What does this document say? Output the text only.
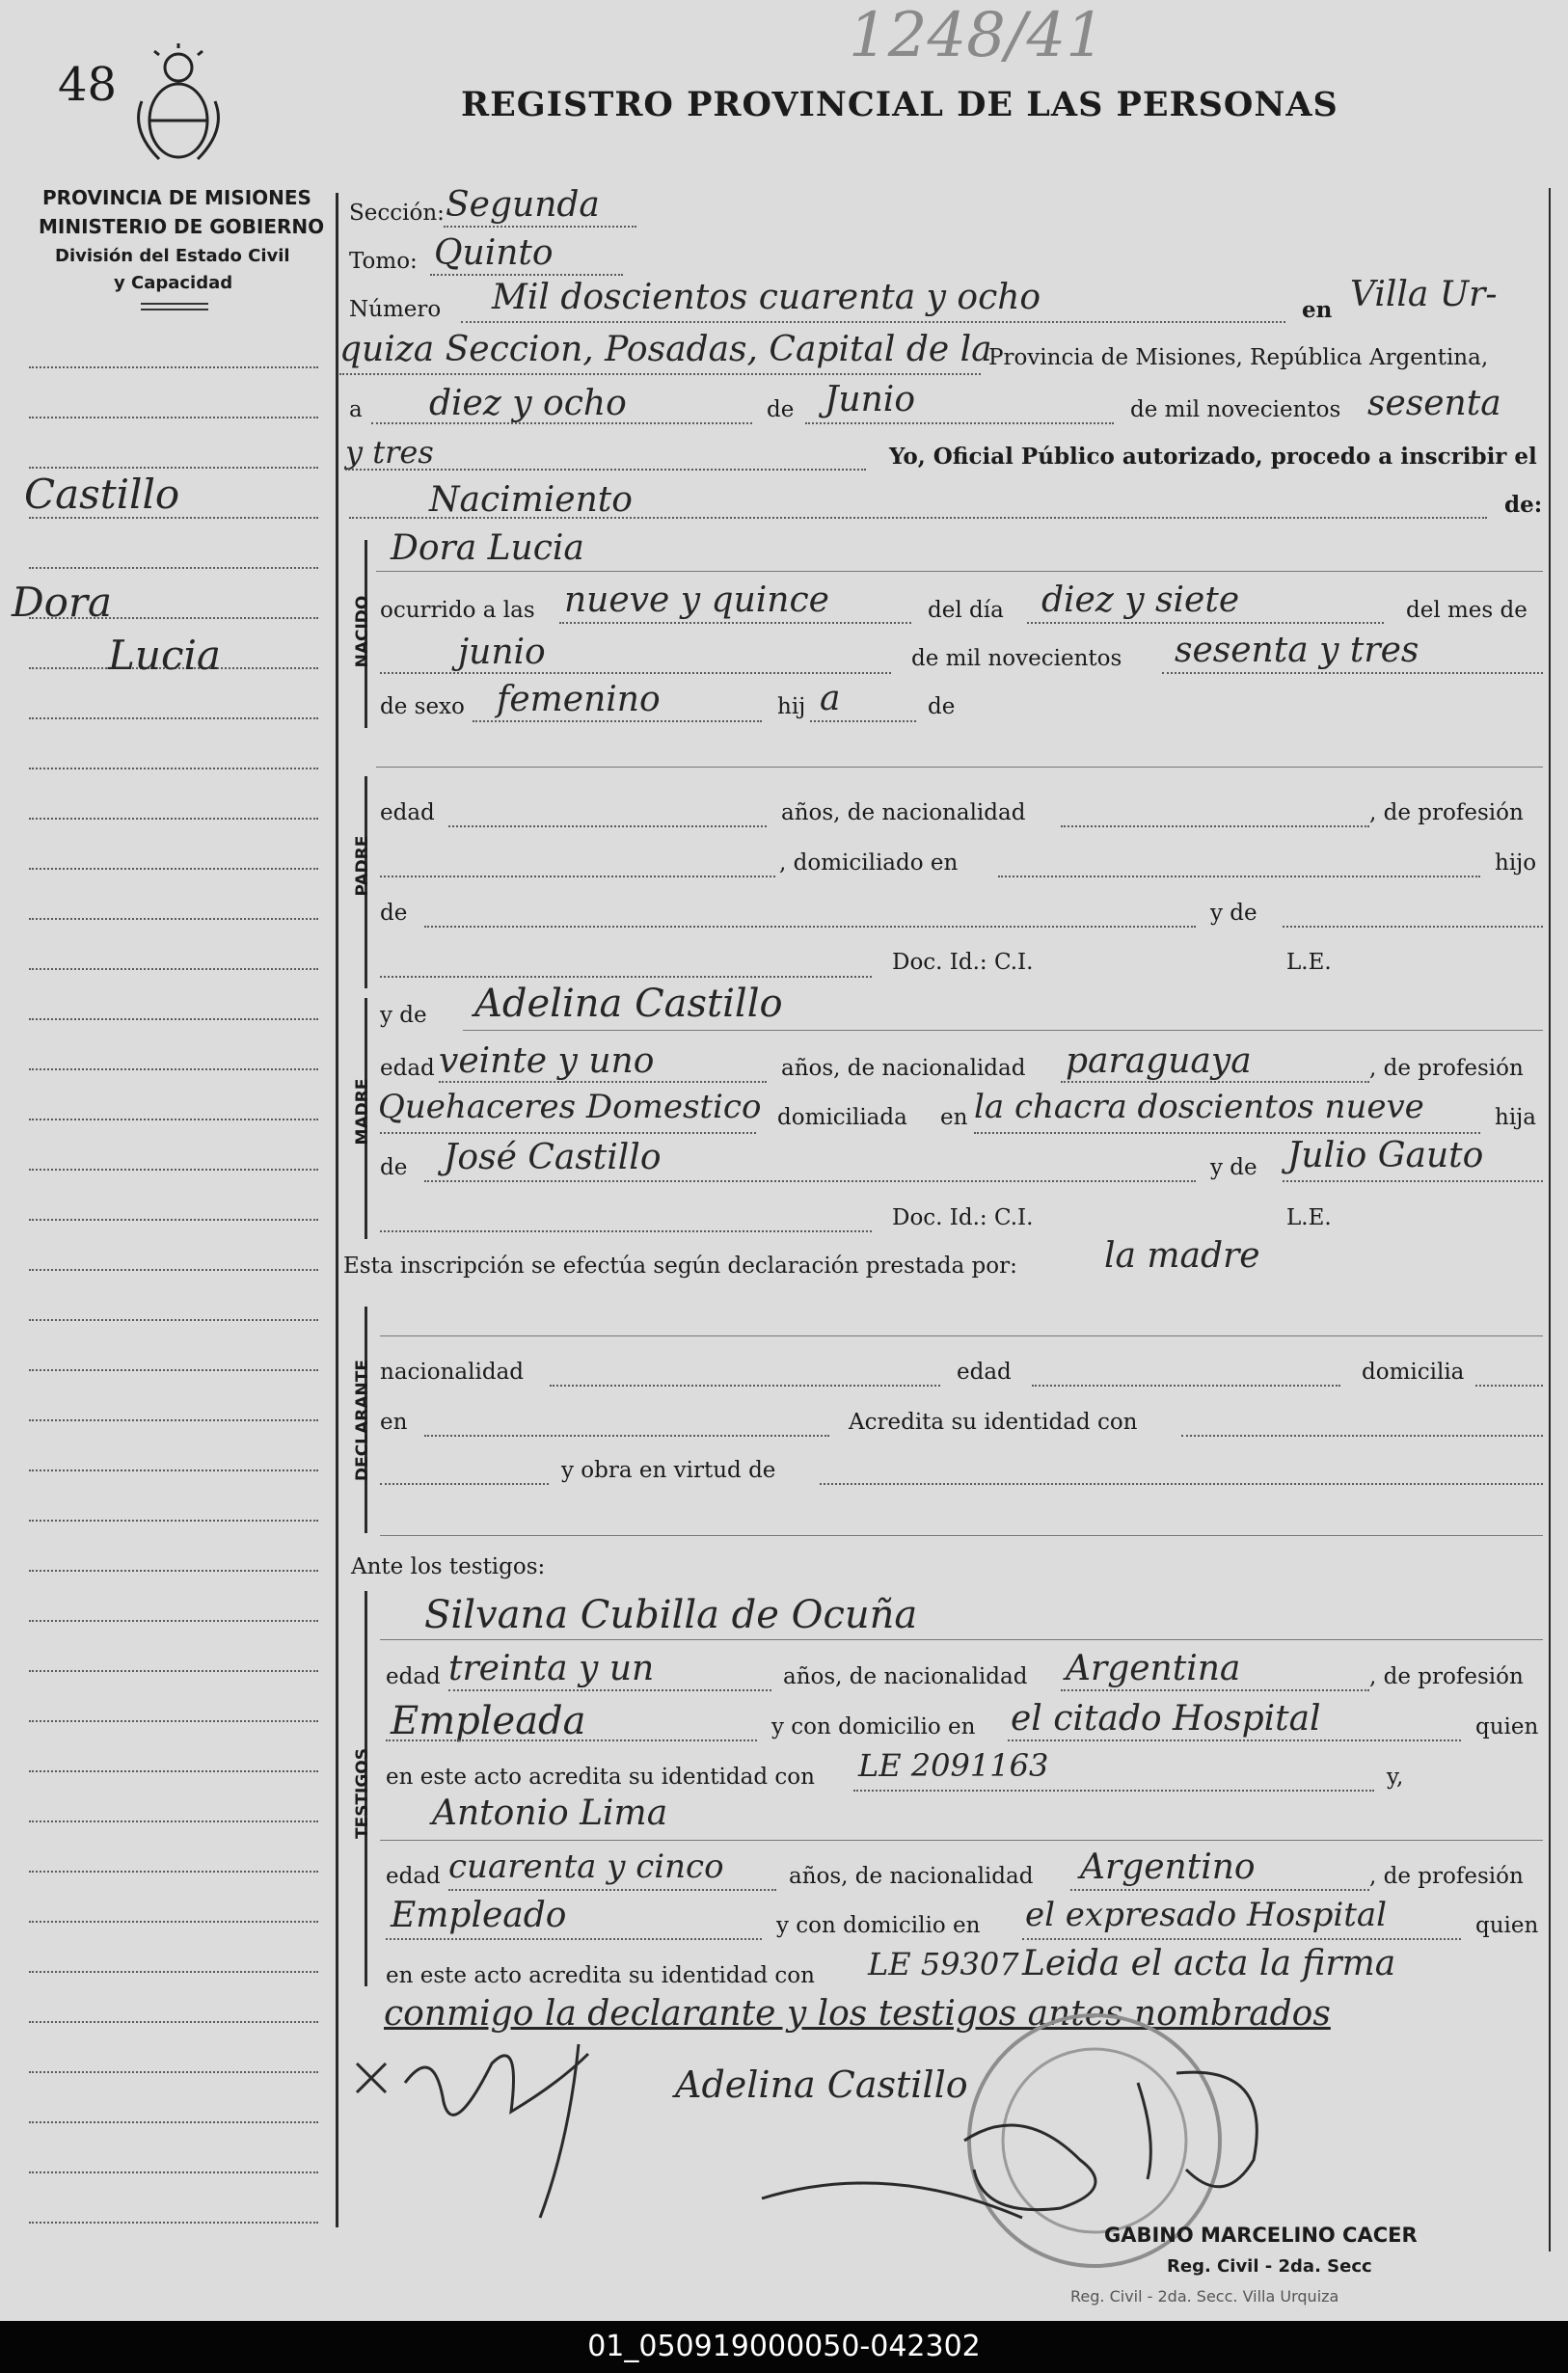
48	REGISTRO PROVINCIAL DE LAS PERSONAS
1248/41
PROVINCIA DE MISIONES
MINISTERIO DE GOBIERNO
División del Estado Civil
y Capacidad
Castillo
Dora
Lucia	NACIDO
PADRE
MADRE
DECLARANTE
TESTIGOS
Sección: Segunda
Tomo: Quinto
Número Mil doscientos cuarenta y ocho	en Villa Ur-
quiza Seccion, Posadas, Capital de la
Provincia de Misiones, República Argentina,
a diez y ocho	de Junio	de mil novecientos sesenta
y tres	Yo, Oficial Público autorizado, procedo a inscribir el
Nacimiento	de:
Dora Lucia
ocurrido a las nueve y quince	del día diez y siete	del mes de
junio	de mil novecientos sesenta y tres
de sexo femenino	hij a	de
edad	años, de nacionalidad	, de profesión
, domiciliado en	hijo
de	y de
Doc. Id.: C.I.	L.E.
y de Adelina Castillo
edad veinte y uno	años, de nacionalidad paraguaya	, de profesión
Quehaceres Domestico domiciliada en la chacra doscientos nueve	hija
de José Castillo	y de Julio Gauto
Doc. Id.: C.I.	L.E.
Esta inscripción se efectúa según declaración prestada por:	la madre
nacionalidad	edad	domicilia
en	Acredita su identidad con
y obra en virtud de
Ante los testigos:
Silvana Cubilla de Ocuña
edad treinta y un	años, de nacionalidad Argentina	, de profesión
Empleada	y con domicilio en el citado Hospital	quien
en este acto acredita su identidad con LE 2091163	y,
Antonio Lima
edad cuarenta y cinco	años, de nacionalidad Argentino	, de profesión
Empleado	y con domicilio en el expresado Hospital	quien
en este acto acredita su identidad con LE 59307 Leida el acta la firma
conmigo la declarante y los testigos antes nombrados
Adelina Castillo
GABINO MARCELINO CACER
Reg. Civil - 2da. Secc
Reg. Civil - 2da. Secc. Villa Urquiza
01_050919000050-042302
